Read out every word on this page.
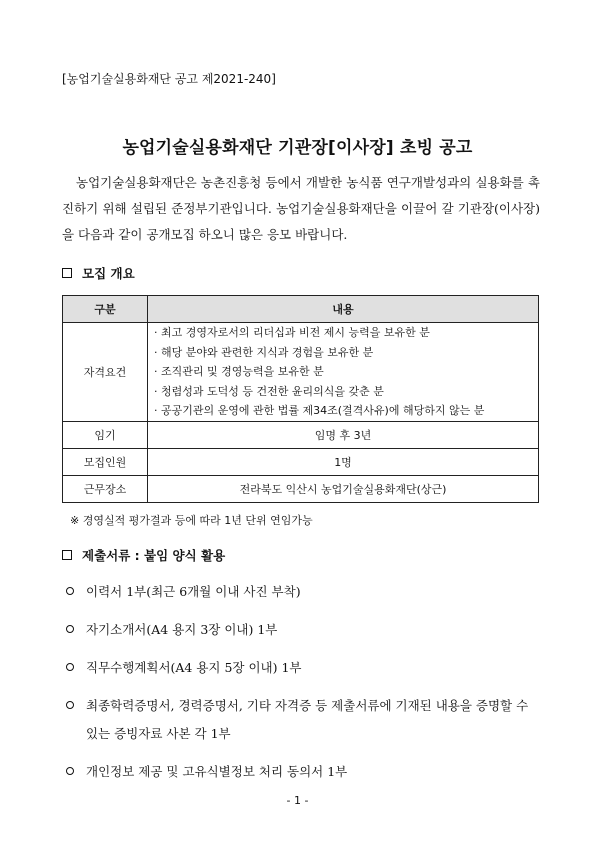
[농업기술실용화재단 공고 제2021-240]
농업기술실용화재단 기관장[이사장] 초빙 공고
농업기술실용화재단은 농촌진흥청 등에서 개발한 농식품 연구개발성과의 실용화를 촉진하기 위해 설립된 준정부기관입니다. 농업기술실용화재단을 이끌어 갈 기관장(이사장)을 다음과 같이 공개모집 하오니 많은 응모 바랍니다.
모집 개요
구분	내용
자격요건	· 최고 경영자로서의 리더십과 비전 제시 능력을 보유한 분
· 해당 분야와 관련한 지식과 경험을 보유한 분
· 조직관리 및 경영능력을 보유한 분
· 청렴성과 도덕성 등 건전한 윤리의식을 갖춘 분
· 공공기관의 운영에 관한 법률 제34조(결격사유)에 해당하지 않는 분

임기	임명 후 3년
모집인원	1명
근무장소	전라북도 익산시 농업기술실용화재단(상근)
※ 경영실적 평가결과 등에 따라 1년 단위 연임가능
제출서류 : 붙임 양식 활용
이력서 1부(최근 6개월 이내 사진 부착)
자기소개서(A4 용지 3장 이내) 1부
직무수행계획서(A4 용지 5장 이내) 1부
최종학력증명서, 경력증명서, 기타 자격증 등 제출서류에 기재된 내용을 증명할 수 있는 증빙자료 사본 각 1부
개인정보 제공 및 고유식별정보 처리 동의서 1부
- 1 -
